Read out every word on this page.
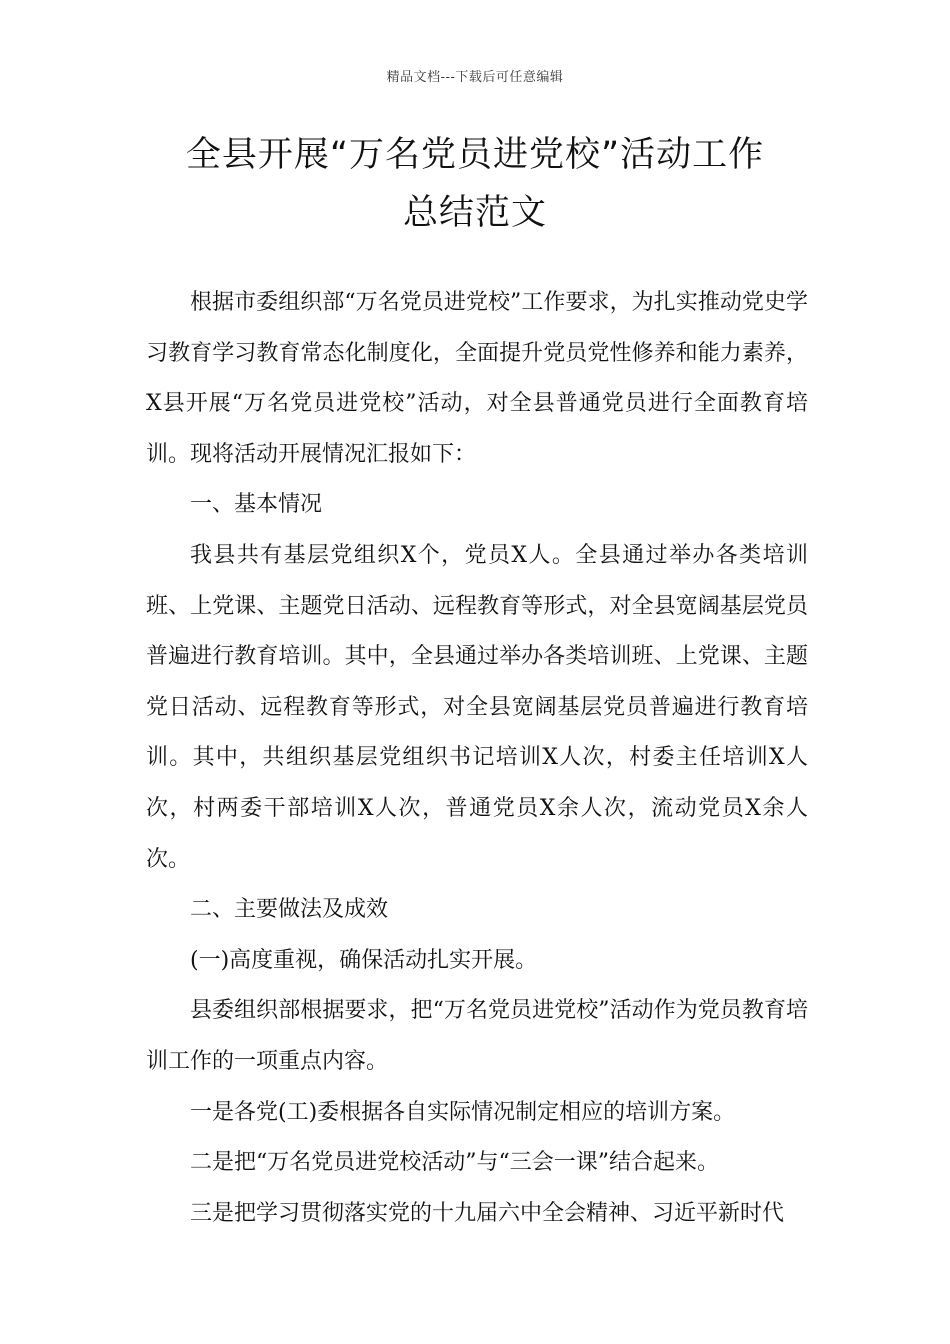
精品文档---下载后可任意编辑
全县开展“万名党员进党校”活动工作
总结范文

根据市委组织部“万名党员进党校”工作要求，为扎实推动党史学习教育学习教育常态化制度化，全面提升党员党性修养和能力素养，X县开展“万名党员进党校”活动，对全县普通党员进行全面教育培训。现将活动开展情况汇报如下：

一、基本情况

我县共有基层党组织X个，党员X人。全县通过举办各类培训班、上党课、主题党日活动、远程教育等形式，对全县宽阔基层党员普遍进行教育培训。其中，全县通过举办各类培训班、上党课、主题党日活动、远程教育等形式，对全县宽阔基层党员普遍进行教育培训。其中，共组织基层党组织书记培训X人次，村委主任培训X人次，村两委干部培训X人次，普通党员X余人次，流动党员X余人次。

二、主要做法及成效

(一)高度重视，确保活动扎实开展。

县委组织部根据要求，把“万名党员进党校”活动作为党员教育培训工作的一项重点内容。

一是各党(工)委根据各自实际情况制定相应的培训方案。

二是把“万名党员进党校活动”与“三会一课”结合起来。

三是把学习贯彻落实党的十九届六中全会精神、习近平新时代
